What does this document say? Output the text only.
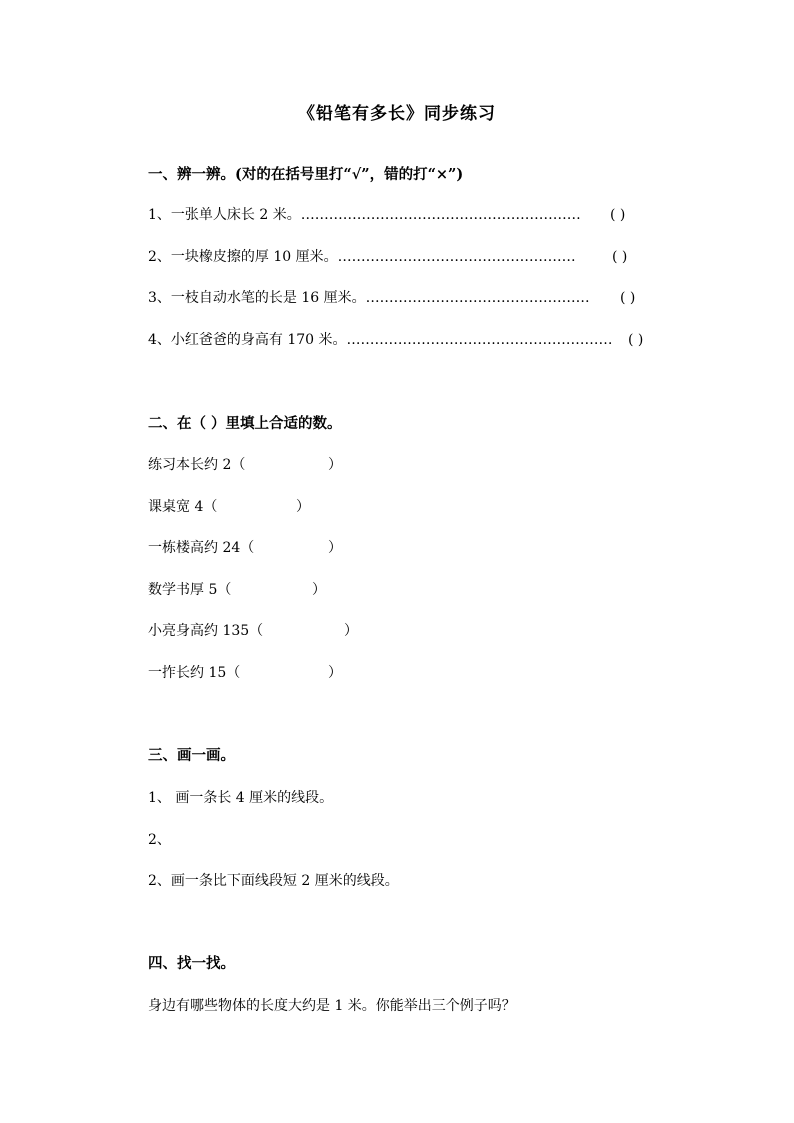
《铅笔有多长》同步练习
一、辨一辨。(对的在括号里打“√”，错的打“×”)
1、一张单人床长 2 米。…………………………………………………… ( )
2、一块橡皮擦的厚 10 厘米。……………………………………………	( )
3、一枝自动水笔的长是 16 厘米。………………………………………… ( )
4、小红爸爸的身高有 170 米。………………………………………………… ( )
二、在（ ）里填上合适的数。
练习本长约 2（	）
课桌宽 4（	）
一栋楼高约 24（	）
数学书厚 5（	）
小亮身高约 135（	）
一拃长约 15（	）
三、画一画。
1、 画一条长 4 厘米的线段。
2、
2、画一条比下面线段短 2 厘米的线段。
四、找一找。
身边有哪些物体的长度大约是 1 米。你能举出三个例子吗？
